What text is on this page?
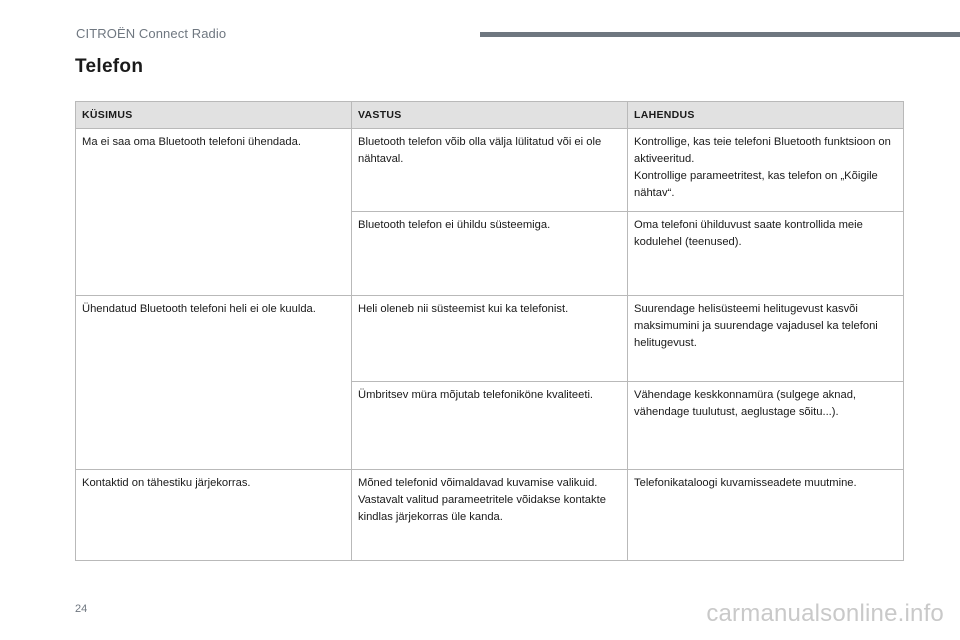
CITROËN Connect Radio
Telefon
KÜSIMUS	VASTUS	LAHENDUS
Ma ei saa oma Bluetooth telefoni ühendada.	Bluetooth telefon võib olla välja lülitatud või ei ole nähtaval.	Kontrollige, kas teie telefoni Bluetooth funktsioon on aktiveeritud.
Kontrollige parameetritest, kas telefon on „Kõigile nähtav“.

	Bluetooth telefon ei ühildu süsteemiga.	Oma telefoni ühilduvust saate kontrollida meie kodulehel (teenused).

Ühendatud Bluetooth telefoni heli ei ole kuulda.	Heli oleneb nii süsteemist kui ka telefonist.	Suurendage helisüsteemi helitugevust kasvõi maksimumini ja suurendage vajadusel ka telefoni helitugevust.

	Ümbritsev müra mõjutab telefoniköne kvaliteeti.	Vähendage keskkonnamüra (sulgege aknad, vähendage tuulutust, aeglustage sõitu...).

Kontaktid on tähestiku järjekorras.	Mõned telefonid võimaldavad kuvamise valikuid. Vastavalt valitud parameetritele võidakse kontakte kindlas järjekorras üle kanda.	Telefonikataloogi kuvamisseadete muutmine.
24	carmanualsonline.info
